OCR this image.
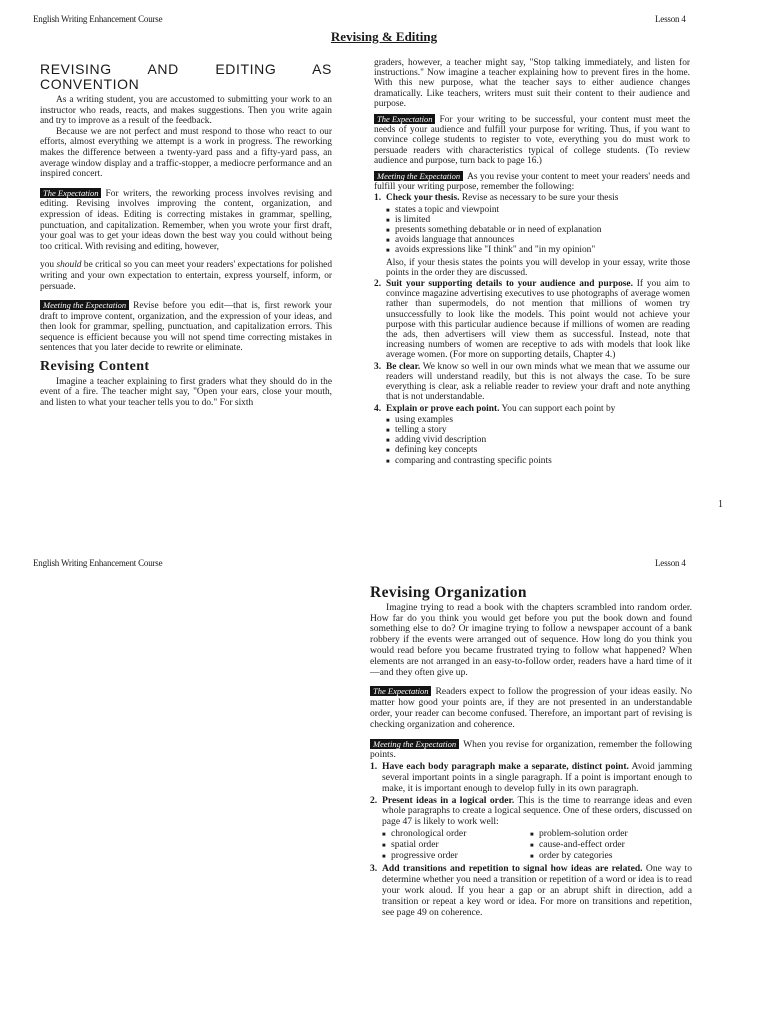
English Writing Enhancement Course	Lesson 4
Revising & Editing
REVISING AND EDITING AS CONVENTION

As a writing student, you are accustomed to submitting your work to an instructor who reads, reacts, and makes suggestions. Then you write again and try to improve as a result of the feedback.

Because we are not perfect and must respond to those who react to our efforts, almost everything we attempt is a work in progress. The reworking makes the difference between a twenty-yard pass and a fifty-yard pass, an average window display and a traffic-stopper, a mediocre performance and an inspired concert.

The Expectation For writers, the reworking process involves revising and editing. Revising involves improving the content, organization, and expression of ideas. Editing is correcting mistakes in grammar, spelling, punctuation, and capitalization. Remember, when you wrote your first draft, your goal was to get your ideas down the best way you could without being too critical. With revising and editing, however,

you should be critical so you can meet your readers' expectations for polished writing and your own expectation to entertain, express yourself, inform, or persuade.

Meeting the Expectation Revise before you edit—that is, first rework your draft to improve content, organization, and the expression of your ideas, and then look for grammar, spelling, punctuation, and capitalization errors. This sequence is efficient because you will not spend time correcting mistakes in sentences that you later decide to rewrite or eliminate.

Revising Content

Imagine a teacher explaining to first graders what they should do in the event of a fire. The teacher might say, "Open your ears, close your mouth, and listen to what your teacher tells you to do." For sixth

graders, however, a teacher might say, "Stop talking immediately, and listen for instructions." Now imagine a teacher explaining how to prevent fires in the home. With this new purpose, what the teacher says to either audience changes dramatically. Like teachers, writers must suit their content to their audience and purpose.

The Expectation For your writing to be successful, your content must meet the needs of your audience and fulfill your purpose for writing. Thus, if you want to convince college students to register to vote, everything you do must work to persuade readers with characteristics typical of college students. (To review audience and purpose, turn back to page 16.)

Meeting the Expectation As you revise your content to meet your readers' needs and fulfill your writing purpose, remember the following:

1. Check your thesis. Revise as necessary to be sure your thesis
■ states a topic and viewpoint
■ is limited
■ presents something debatable or in need of explanation
■ avoids language that announces
■ avoids expressions like "I think" and "in my opinion"

Also, if your thesis states the points you will develop in your essay, write those points in the order they are discussed.

2. Suit your supporting details to your audience and purpose. If you aim to convince magazine advertising executives to use photographs of average women rather than supermodels, do not mention that millions of women try unsuccessfully to look like the models. This point would not achieve your purpose with this particular audience because if millions of women are reading the ads, then advertisers will view them as successful. Instead, note that increasing numbers of women are receptive to ads with models that look like average women. (For more on supporting details, Chapter 4.)
3. Be clear. We know so well in our own minds what we mean that we assume our readers will understand readily, but this is not always the case. To be sure everything is clear, ask a reliable reader to review your draft and note anything that is not understandable.
4. Explain or prove each point. You can support each point by
■ using examples
■ telling a story
■ adding vivid description
■ defining key concepts
■ comparing and contrasting specific points
1
English Writing Enhancement Course	Lesson 4
Revising Organization

Imagine trying to read a book with the chapters scrambled into random order. How far do you think you would get before you put the book down and found something else to do? Or imagine trying to follow a newspaper account of a bank robbery if the events were arranged out of sequence. How long do you think you would read before you became frustrated trying to follow what happened? When elements are not arranged in an easy-to-follow order, readers have a hard time of it—and they often give up.

The Expectation Readers expect to follow the progression of your ideas easily. No matter how good your points are, if they are not presented in an understandable order, your reader can become confused. Therefore, an important part of revising is checking organization and coherence.

Meeting the Expectation When you revise for organization, remember the following points.

1. Have each body paragraph make a separate, distinct point. Avoid jamming several important points in a single paragraph. If a point is important enough to make, it is important enough to develop fully in its own paragraph.
2. Present ideas in a logical order. This is the time to rearrange ideas and even whole paragraphs to create a logical sequence. One of these orders, discussed on page 47 is likely to work well:
■ chronological order
■ spatial order
■ progressive order
■ problem-solution order
■ cause-and-effect order
■ order by categories
3. Add transitions and repetition to signal how ideas are related. One way to determine whether you need a transition or repetition of a word or idea is to read your work aloud. If you hear a gap or an abrupt shift in direction, add a transition or repeat a key word or idea. For more on transitions and repetition, see page 49 on coherence.
